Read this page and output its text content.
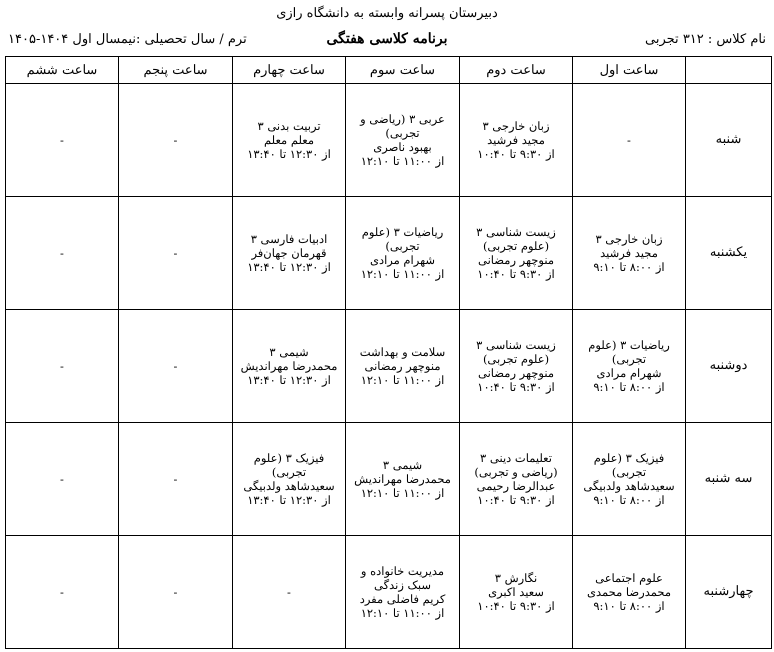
دبیرستان پسرانه وابسته به دانشگاه رازی
نام کلاس : ۳۱۲ تجربی
برنامه کلاسی هفتگی
ترم / سال تحصیلی :نیمسال اول ۱۴۰۴-۱۴۰۵
	ساعت اول	ساعت دوم	ساعت سوم	ساعت چهارم	ساعت پنجم	ساعت ششم
شنبه	-	زبان خارجی ۳
مجید فرشید
از ۹:۳۰ تا ۱۰:۴۰	عربی ۳ (ریاضی و تجربی)
بهبود ناصری
از ۱۱:۰۰ تا ۱۲:۱۰	تربیت بدنی ۳
معلم معلم
از ۱۲:۳۰ تا ۱۳:۴۰	-	-

یکشنبه	زبان خارجی ۳
مجید فرشید
از ۸:۰۰ تا ۹:۱۰	زیست شناسی ۳ (علوم تجربی)
منوچهر رمضانی
از ۹:۳۰ تا ۱۰:۴۰	ریاضیات ۳ (علوم تجربی)
شهرام مرادی
از ۱۱:۰۰ تا ۱۲:۱۰	ادبیات فارسی ۳
قهرمان جهان‌فر
از ۱۲:۳۰ تا ۱۳:۴۰	-	-

دوشنبه	ریاضیات ۳ (علوم تجربی)
شهرام مرادی
از ۸:۰۰ تا ۹:۱۰	زیست شناسی ۳ (علوم تجربی)
منوچهر رمضانی
از ۹:۳۰ تا ۱۰:۴۰	سلامت و بهداشت
منوچهر رمضانی
از ۱۱:۰۰ تا ۱۲:۱۰	شیمی ۳
محمدرضا مهراندیش
از ۱۲:۳۰ تا ۱۳:۴۰	-	-

سه شنبه	فیزیک ۳ (علوم تجربی)
سعیدشاهد ولدبیگی
از ۸:۰۰ تا ۹:۱۰	تعلیمات دینی ۳ (ریاضی و تجربی)
عبدالرضا رحیمی
از ۹:۳۰ تا ۱۰:۴۰	شیمی ۳
محمدرضا مهراندیش
از ۱۱:۰۰ تا ۱۲:۱۰	فیزیک ۳ (علوم تجربی)
سعیدشاهد ولدبیگی
از ۱۲:۳۰ تا ۱۳:۴۰	-	-

چهارشنبه	علوم اجتماعی
محمدرضا محمدی
از ۸:۰۰ تا ۹:۱۰	نگارش ۳
سعید اکبری
از ۹:۳۰ تا ۱۰:۴۰	مدیریت خانواده و سبک زندگی
کریم فاضلی مفرد
از ۱۱:۰۰ تا ۱۲:۱۰	-	-	-
